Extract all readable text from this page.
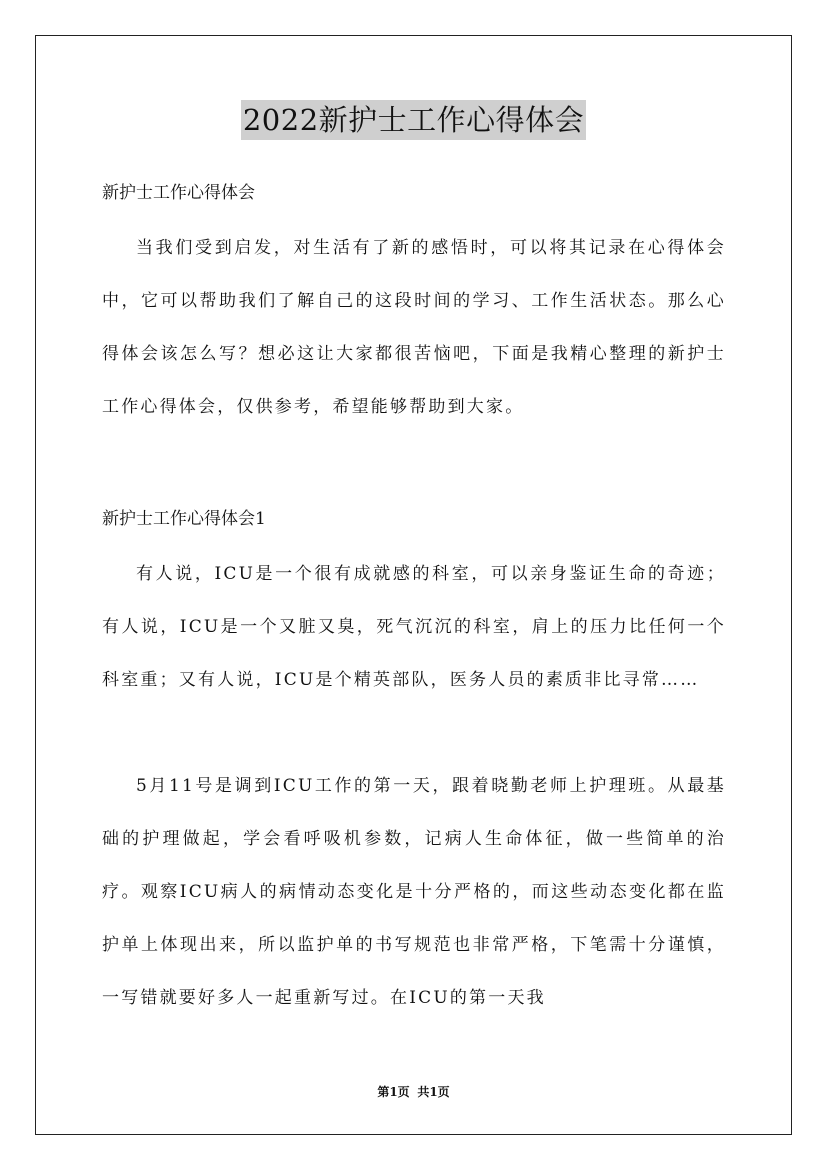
2022新护士工作心得体会
新护士工作心得体会
当我们受到启发，对生活有了新的感悟时，可以将其记录在心得体会中，它可以帮助我们了解自己的这段时间的学习、工作生活状态。那么心得体会该怎么写？想必这让大家都很苦恼吧，下面是我精心整理的新护士工作心得体会，仅供参考，希望能够帮助到大家。
新护士工作心得体会1
有人说，ICU是一个很有成就感的科室，可以亲身鉴证生命的奇迹；有人说，ICU是一个又脏又臭，死气沉沉的科室，肩上的压力比任何一个科室重；又有人说，ICU是个精英部队，医务人员的素质非比寻常……
5月11号是调到ICU工作的第一天，跟着晓勤老师上护理班。从最基础的护理做起，学会看呼吸机参数，记病人生命体征，做一些简单的治疗。观察ICU病人的病情动态变化是十分严格的，而这些动态变化都在监护单上体现出来，所以监护单的书写规范也非常严格，下笔需十分谨慎，一写错就要好多人一起重新写过。在ICU的第一天我
第1页 共1页
